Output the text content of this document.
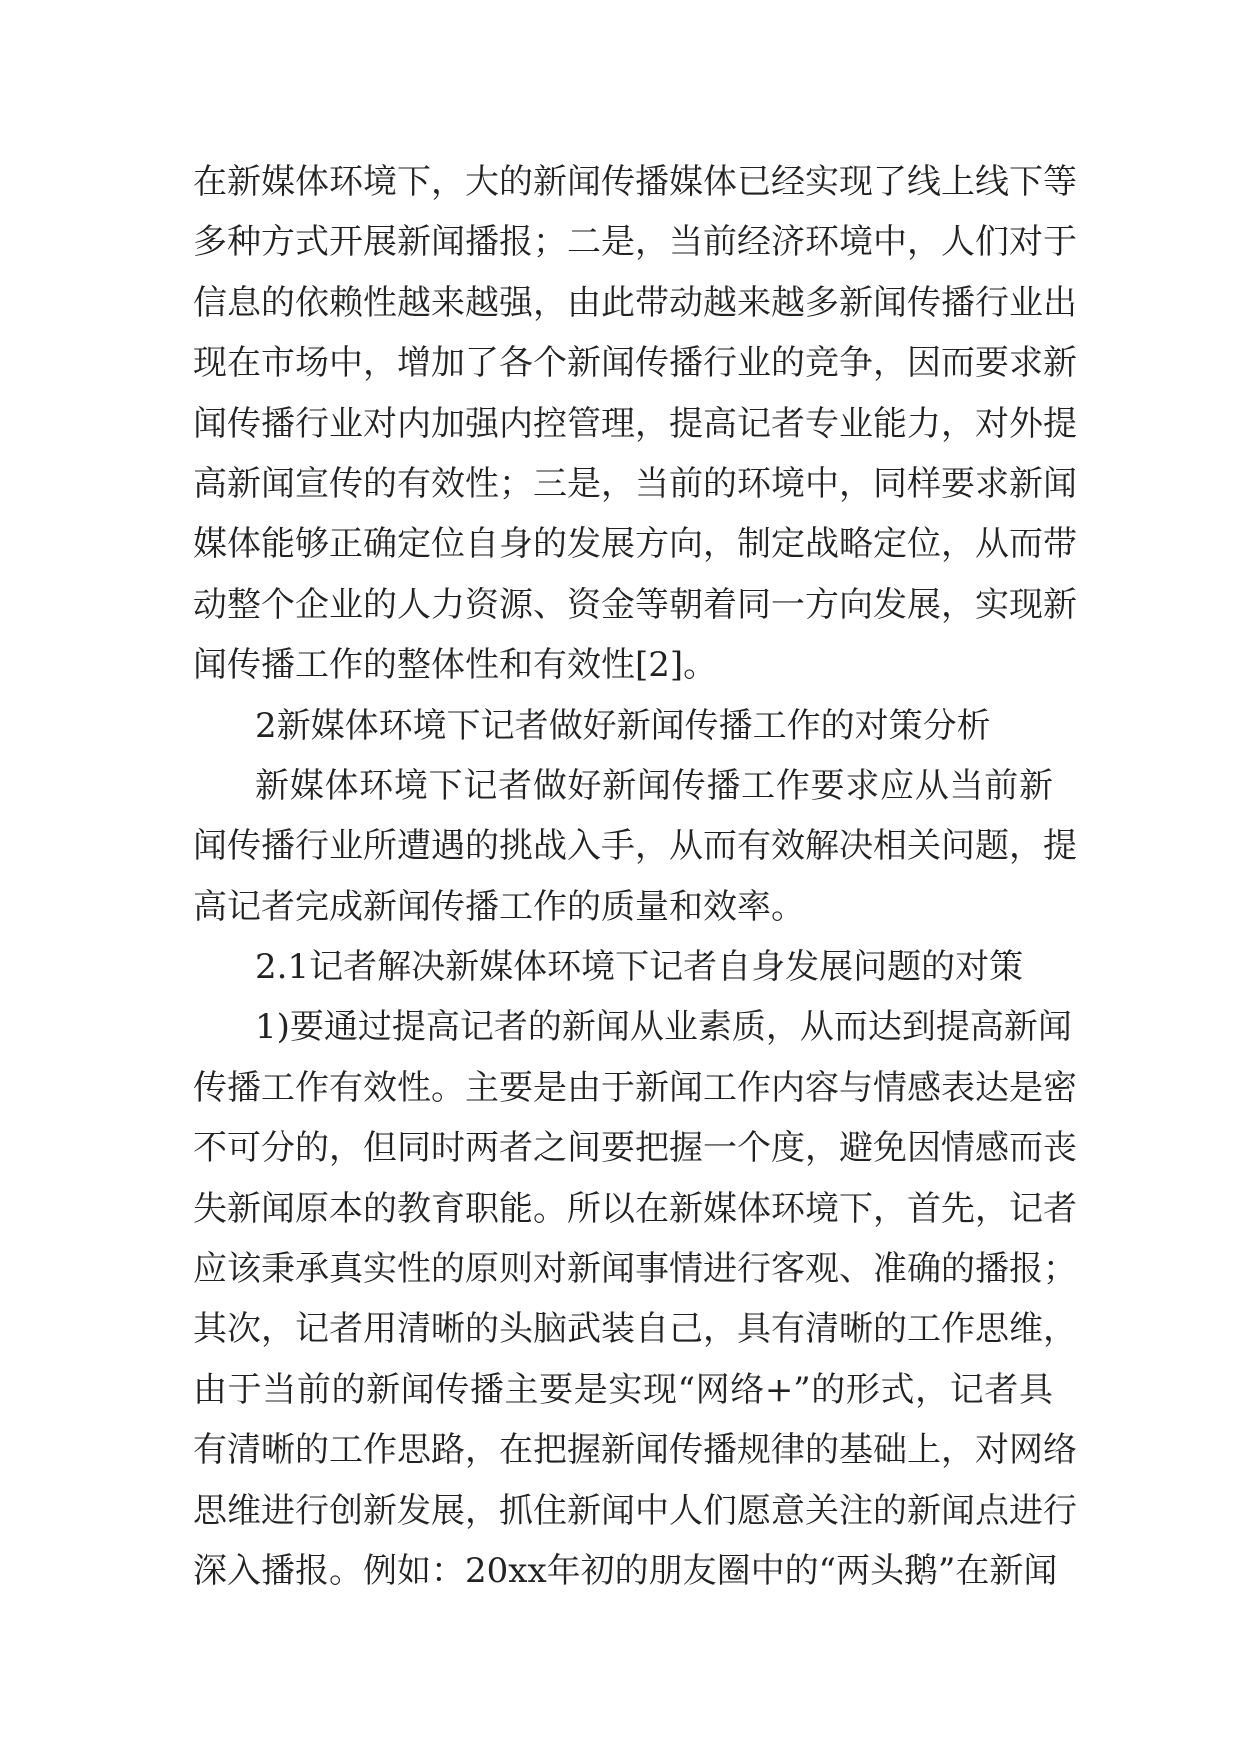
在新媒体环境下，大的新闻传播媒体已经实现了线上线下等
多种方式开展新闻播报；二是，当前经济环境中，人们对于
信息的依赖性越来越强，由此带动越来越多新闻传播行业出
现在市场中，增加了各个新闻传播行业的竞争，因而要求新
闻传播行业对内加强内控管理，提高记者专业能力，对外提
高新闻宣传的有效性；三是，当前的环境中，同样要求新闻
媒体能够正确定位自身的发展方向，制定战略定位，从而带
动整个企业的人力资源、资金等朝着同一方向发展，实现新
闻传播工作的整体性和有效性[2]。
2新媒体环境下记者做好新闻传播工作的对策分析
新媒体环境下记者做好新闻传播工作要求应从当前新
闻传播行业所遭遇的挑战入手，从而有效解决相关问题，提
高记者完成新闻传播工作的质量和效率。
2.1记者解决新媒体环境下记者自身发展问题的对策
1)要通过提高记者的新闻从业素质，从而达到提高新闻
传播工作有效性。主要是由于新闻工作内容与情感表达是密
不可分的，但同时两者之间要把握一个度，避免因情感而丧
失新闻原本的教育职能。所以在新媒体环境下，首先，记者
应该秉承真实性的原则对新闻事情进行客观、准确的播报；
其次，记者用清晰的头脑武装自己，具有清晰的工作思维，
由于当前的新闻传播主要是实现“网络+”的形式，记者具
有清晰的工作思路，在把握新闻传播规律的基础上，对网络
思维进行创新发展，抓住新闻中人们愿意关注的新闻点进行
深入播报。例如：20xx年初的朋友圈中的“两头鹅”在新闻
